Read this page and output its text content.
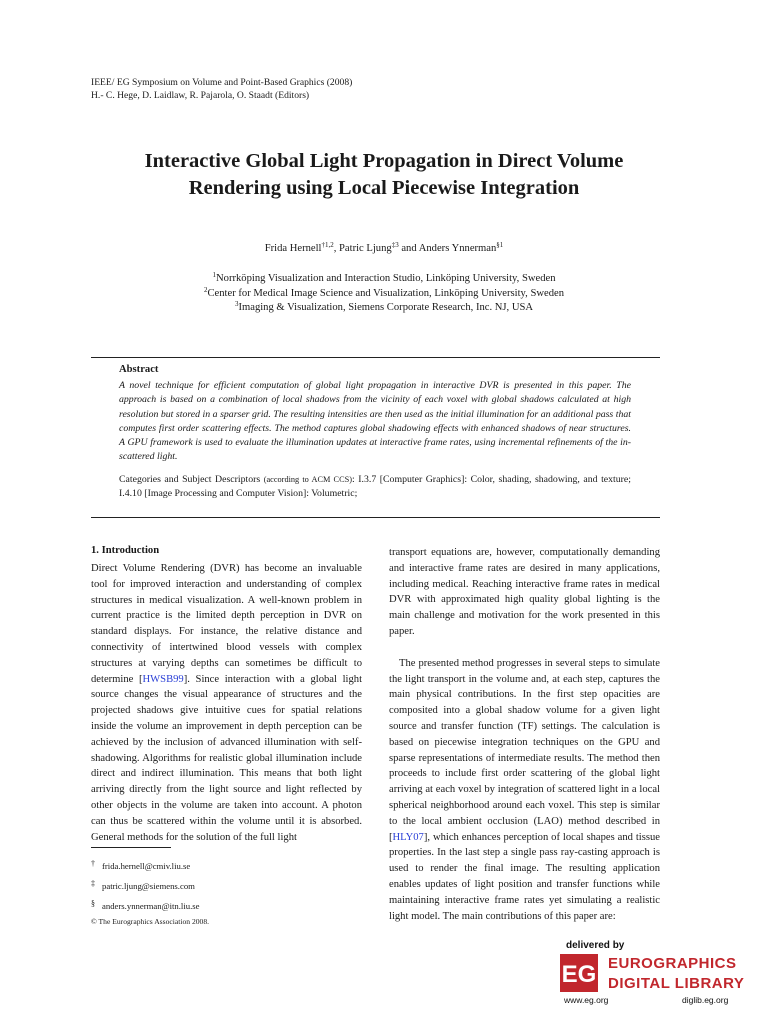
IEEE/ EG Symposium on Volume and Point-Based Graphics (2008)
H.- C. Hege, D. Laidlaw, R. Pajarola, O. Staadt (Editors)
Interactive Global Light Propagation in Direct Volume
Rendering using Local Piecewise Integration
Frida Hernell$^{\dagger 1,2}$, Patric Ljung$^{\ddagger 3}$ and Anders Ynnerman$^{\S 1}$
$^1$Norrköping Visualization and Interaction Studio, Linköping University, Sweden
$^2$Center for Medical Image Science and Visualization, Linköping University, Sweden
$^3$Imaging & Visualization, Siemens Corporate Research, Inc. NJ, USA
Abstract
A novel technique for efficient computation of global light propagation in interactive DVR is presented in this paper. The approach is based on a combination of local shadows from the vicinity of each voxel with global shadows calculated at high resolution but stored in a sparser grid. The resulting intensities are then used as the initial illumination for an additional pass that computes first order scattering effects. The method captures global shadowing effects with enhanced shadows of near structures. A GPU framework is used to evaluate the illumination updates at interactive frame rates, using incremental refinements of the in-scattered light.
Categories and Subject Descriptors (according to ACM CCS): I.3.7 [Computer Graphics]: Color, shading, shadowing, and texture; I.4.10 [Image Processing and Computer Vision]: Volumetric;
1. Introduction

Direct Volume Rendering (DVR) has become an invaluable tool for improved interaction and understanding of complex structures in medical visualization. A well-known problem in current practice is the limited depth perception in DVR on standard displays. For instance, the relative distance and connectivity of intertwined blood vessels with complex structures at varying depths can sometimes be difficult to determine [HWSB99]. Since interaction with a global light source changes the visual appearance of structures and the projected shadows give intuitive cues for spatial relations inside the volume an improvement in depth perception can be achieved by the inclusion of advanced illumination with self-shadowing. Algorithms for realistic global illumination include direct and indirect illumination. This means that both light arriving directly from the light source and light reflected by other objects in the volume are taken into account. A photon can thus be scattered within the volume until it is absorbed. General methods for the solution of the full light

transport equations are, however, computationally demanding and interactive frame rates are desired in many applications, including medical. Reaching interactive frame rates in medical DVR with approximated high quality global lighting is the main challenge and motivation for the work presented in this paper.

The presented method progresses in several steps to simulate the light transport in the volume and, at each step, captures the main physical contributions. In the first step opacities are composited into a global shadow volume for a given light source and transfer function (TF) settings. The calculation is based on piecewise integration techniques on the GPU and sparse representations of intermediate results. The method then proceeds to include first order scattering of the global light arriving at each voxel by integration of scattered light in a local spherical neighborhood around each voxel. This step is similar to the local ambient occlusion (LAO) method described in [HLY07], which enhances perception of local shapes and tissue properties. In the last step a single pass ray-casting approach is used to render the final image. The resulting application enables updates of light position and transfer functions while maintaining interactive frame rates yet simulating a realistic light model. The main contributions of this paper are:

† frida.hernell@cmiv.liu.se
‡ patric.ljung@siemens.com
§ anders.ynnerman@itn.liu.se
© The Eurographics Association 2008.
delivered by
EG EUROGRAPHICS
DIGITAL LIBRARY
www.eg.org	diglib.eg.org
